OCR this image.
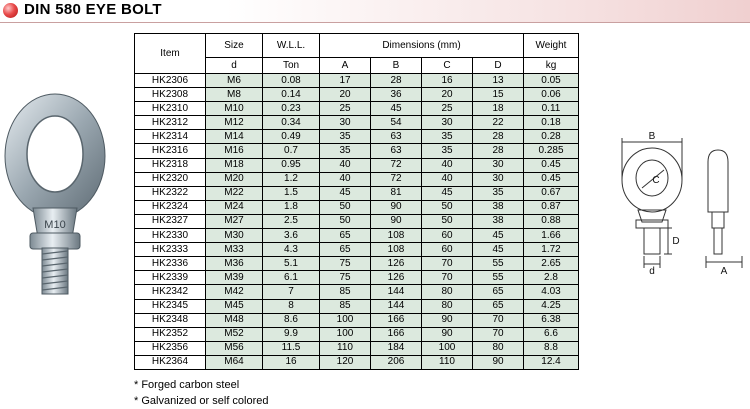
DIN 580 EYE BOLT
M10
Item	Size	W.L.L.	Dimensions (mm)				Weight
	d	Ton	A	B	C	D	kg
HK2306	M6	0.08	17	28	16	13	0.05
HK2308	M8	0.14	20	36	20	15	0.06
HK2310	M10	0.23	25	45	25	18	0.11
HK2312	M12	0.34	30	54	30	22	0.18
HK2314	M14	0.49	35	63	35	28	0.28
HK2316	M16	0.7	35	63	35	28	0.285
HK2318	M18	0.95	40	72	40	30	0.45
HK2320	M20	1.2	40	72	40	30	0.45
HK2322	M22	1.5	45	81	45	35	0.67
HK2324	M24	1.8	50	90	50	38	0.87
HK2327	M27	2.5	50	90	50	38	0.88
HK2330	M30	3.6	65	108	60	45	1.66
HK2333	M33	4.3	65	108	60	45	1.72
HK2336	M36	5.1	75	126	70	55	2.65
HK2339	M39	6.1	75	126	70	55	2.8
HK2342	M42	7	85	144	80	65	4.03
HK2345	M45	8	85	144	80	65	4.25
HK2348	M48	8.6	100	166	90	70	6.38
HK2352	M52	9.9	100	166	90	70	6.6
HK2356	M56	11.5	110	184	100	80	8.8
HK2364	M64	16	120	206	110	90	12.4
* Forged carbon steel
* Galvanized or self colored
B
C
D
d	A
